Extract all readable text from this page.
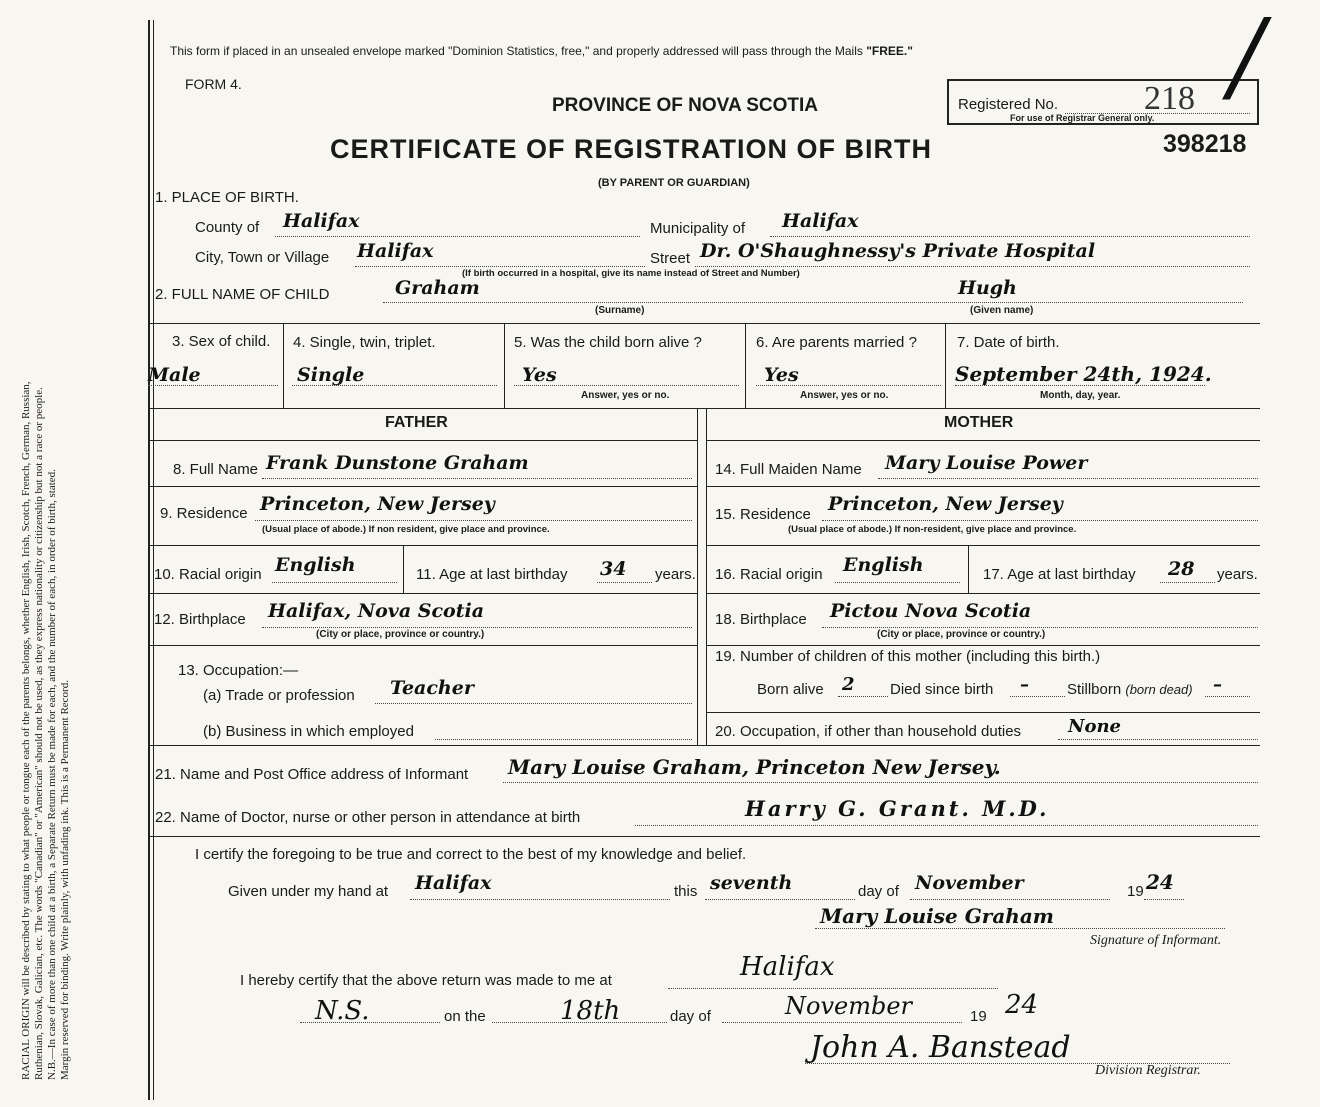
RACIAL ORIGIN will be described by stating to what people or tongue each of the parents belongs, whether English, Irish, Scotch, French, German, Russian, Ruthenian, Slovak, Galician, etc. The words "Canadian" or "American" should not be used, as they express nationality or citizenship but not a race or people. N.B.—In case of more than one child at a birth, a Separate Return must be made for each, and the number of each, in order of birth, stated. Margin reserved for binding. Write plainly, with unfading ink. This is a Permanent Record.
This form if placed in an unsealed envelope marked "Dominion Statistics, free," and properly addressed will pass through the Mails "FREE."
FORM 4.
PROVINCE OF NOVA SCOTIA
CERTIFICATE OF REGISTRATION OF BIRTH
(BY PARENT OR GUARDIAN)
Registered No.	218
For use of Registrar General only.
398218
/
1. PLACE OF BIRTH.
County of Halifax	Municipality of Halifax
City, Town or Village Halifax	Street Dr. O'Shaughnessy's Private Hospital
(If birth occurred in a hospital, give its name instead of Street and Number)
2. FULL NAME OF CHILD	Graham	Hugh
(Surname)	(Given name)
3. Sex of child.
Male
4. Single, twin, triplet.
Single
5. Was the child born alive ?
Yes
Answer, yes or no.
6. Are parents married ?
Yes
Answer, yes or no.
7. Date of birth.
September 24th, 1924.
Month, day, year.
FATHER	MOTHER
8. Full Name Frank Dunstone Graham
9. Residence Princeton, New Jersey
(Usual place of abode.) If non resident, give place and province.
10. Racial origin English	11. Age at last birthday 34 years.
12. Birthplace Halifax, Nova Scotia
(City or place, province or country.)
13. Occupation:—
(a) Trade or profession Teacher
(b) Business in which employed
14. Full Maiden Name Mary Louise Power
15. Residence Princeton, New Jersey
(Usual place of abode.) If non-resident, give place and province.
16. Racial origin English	17. Age at last birthday 28 years.
18. Birthplace Pictou Nova Scotia
(City or place, province or country.)
19. Number of children of this mother (including this birth.)
Born alive 2 Died since birth –	Stillborn (born dead) –
20. Occupation, if other than household duties	None
21. Name and Post Office address of Informant Mary Louise Graham, Princeton New Jersey.
22. Name of Doctor, nurse or other person in attendance at birth	Harry G. Grant. M.D.
I certify the foregoing to be true and correct to the best of my knowledge and belief.
Given under my hand at Halifax	this seventh	day of November	19 24
Mary Louise Graham
Signature of Informant.
I hereby certify that the above return was made to me at	Halifax
N.S.	on the	18th	day of	November	19 24
John A. Banstead
Division Registrar.
